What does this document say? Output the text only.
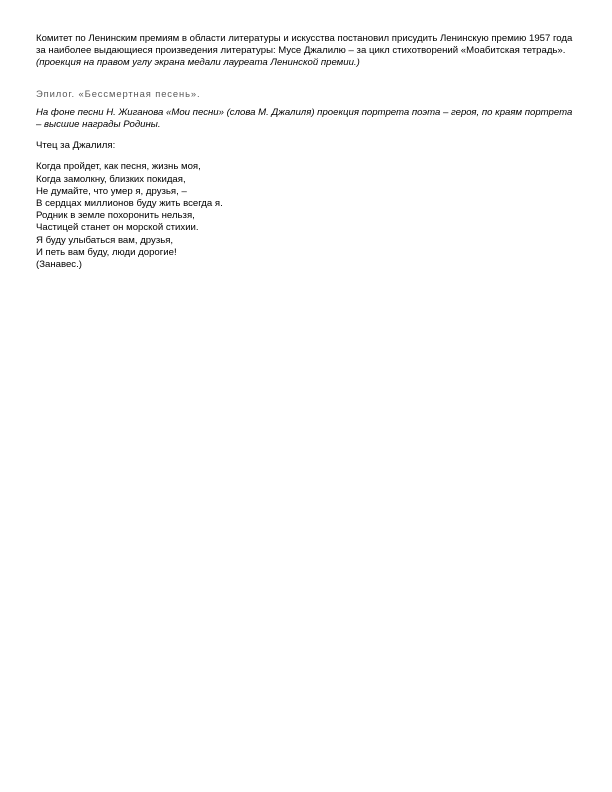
Комитет по Ленинским премиям в области литературы и искусства постановил присудить Ленинскую премию 1957 года за наиболее выдающиеся произведения литературы: Мусе Джалилю – за цикл стихотворений «Моабитская тетрадь». (проекция на правом углу экрана медали лауреата Ленинской премии.)

Эпилог. «Бессмертная песень».

На фоне песни Н. Жиганова «Мои песни» (слова М. Джалиля) проекция портрета поэта – героя, по краям портрета – высшие награды Родины.

Чтец за Джалиля:

Когда пройдет, как песня, жизнь моя,
Когда замолкну, близких покидая,
Не думайте, что умер я, друзья, –
В сердцах миллионов буду жить всегда я.
Родник в земле похоронить нельзя,
Частицей станет он морской стихии.
Я буду улыбаться вам, друзья,
И петь вам буду, люди дорогие!
(Занавес.)
